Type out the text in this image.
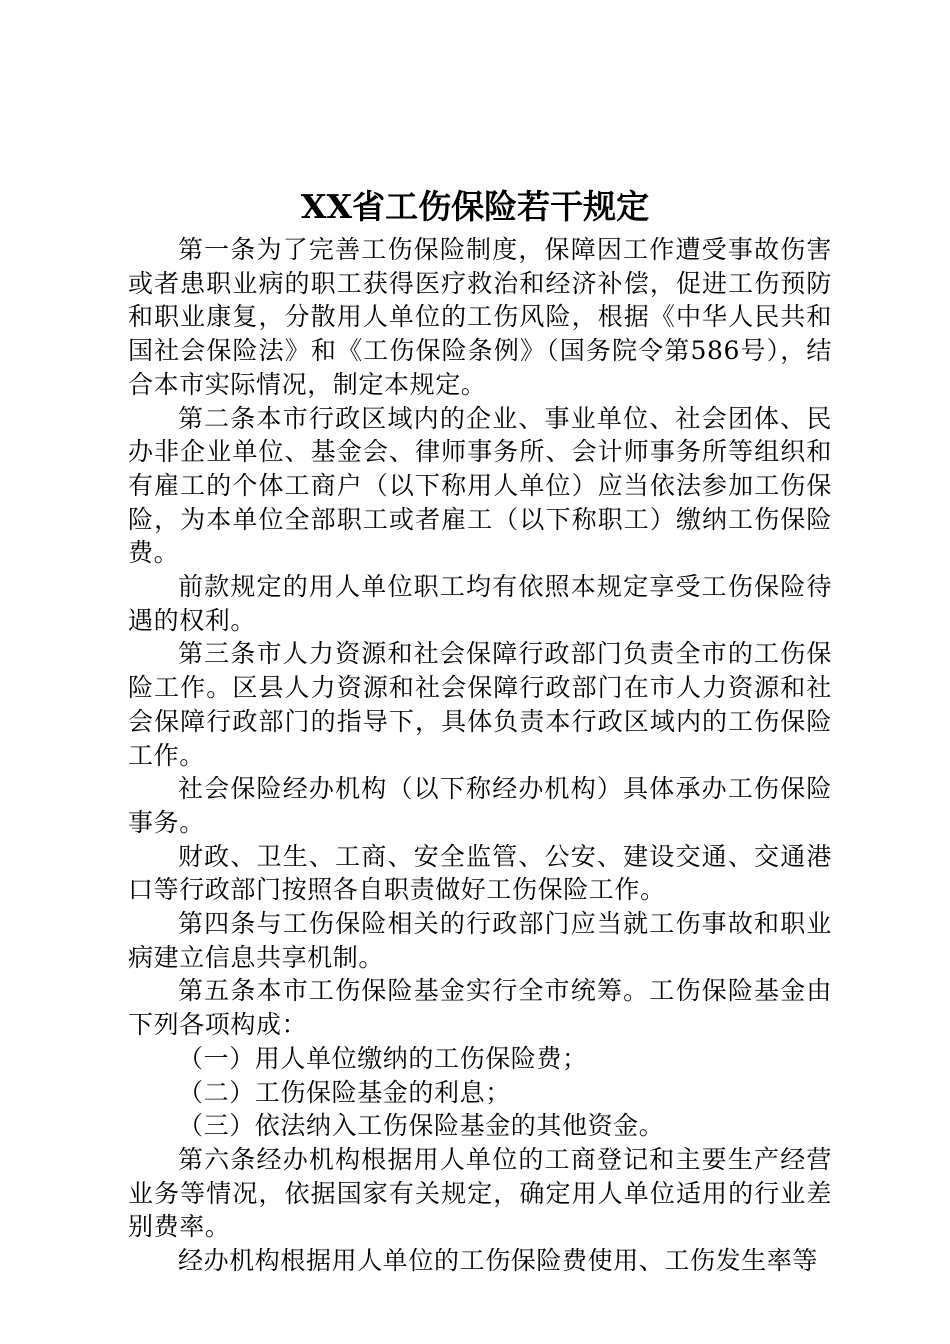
XX省工伤保险若干规定

第一条为了完善工伤保险制度，保障因工作遭受事故伤害或者患职业病的职工获得医疗救治和经济补偿，促进工伤预防和职业康复，分散用人单位的工伤风险，根据《中华人民共和国社会保险法》和《工伤保险条例》（国务院令第586号），结合本市实际情况，制定本规定。

第二条本市行政区域内的企业、事业单位、社会团体、民办非企业单位、基金会、律师事务所、会计师事务所等组织和有雇工的个体工商户（以下称用人单位）应当依法参加工伤保险，为本单位全部职工或者雇工（以下称职工）缴纳工伤保险费。

前款规定的用人单位职工均有依照本规定享受工伤保险待遇的权利。

第三条市人力资源和社会保障行政部门负责全市的工伤保险工作。区县人力资源和社会保障行政部门在市人力资源和社会保障行政部门的指导下，具体负责本行政区域内的工伤保险工作。

社会保险经办机构（以下称经办机构）具体承办工伤保险事务。

财政、卫生、工商、安全监管、公安、建设交通、交通港口等行政部门按照各自职责做好工伤保险工作。

第四条与工伤保险相关的行政部门应当就工伤事故和职业病建立信息共享机制。

第五条本市工伤保险基金实行全市统筹。工伤保险基金由下列各项构成：

（一）用人单位缴纳的工伤保险费；

（二）工伤保险基金的利息；

（三）依法纳入工伤保险基金的其他资金。

第六条经办机构根据用人单位的工商登记和主要生产经营业务等情况，依据国家有关规定，确定用人单位适用的行业差别费率。

经办机构根据用人单位的工伤保险费使用、工伤发生率等
